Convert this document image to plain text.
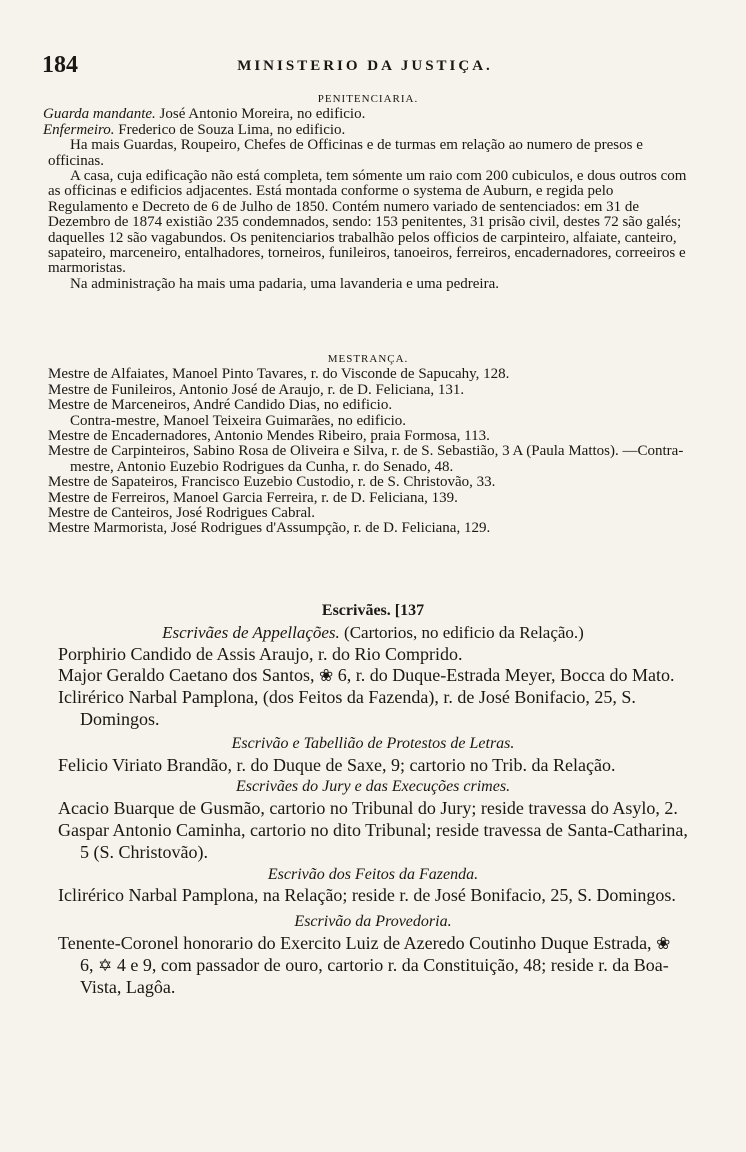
184	MINISTERIO DA JUSTIÇA.

PENITENCIARIA.

Guarda mandante. José Antonio Moreira, no edificio.

Enfermeiro. Frederico de Souza Lima, no edificio.

Ha mais Guardas, Roupeiro, Chefes de Officinas e de turmas em relação ao numero de presos e officinas.

A casa, cuja edificação não está completa, tem sómente um raio com 200 cubiculos, e dous outros com as officinas e edificios adjacentes. Está montada conforme o systema de Auburn, e regida pelo Regulamento e Decreto de 6 de Julho de 1850. Contém numero variado de sentenciados: em 31 de Dezembro de 1874 existião 235 condemnados, sendo: 153 penitentes, 31 prisão civil, destes 72 são galés; daquelles 12 são vagabundos. Os penitenciarios trabalhão pelos officios de carpinteiro, alfaiate, canteiro, sapateiro, marceneiro, entalhadores, torneiros, funileiros, tanoeiros, ferreiros, encadernadores, correeiros e marmoristas.

Na administração ha mais uma padaria, uma lavanderia e uma pedreira.

MESTRANÇA.

Mestre de Alfaiates, Manoel Pinto Tavares, r. do Visconde de Sapucahy, 128.

Mestre de Funileiros, Antonio José de Araujo, r. de D. Feliciana, 131.

Mestre de Marceneiros, André Candido Dias, no edificio.

Contra-mestre, Manoel Teixeira Guimarães, no edificio.

Mestre de Encadernadores, Antonio Mendes Ribeiro, praia Formosa, 113.

Mestre de Carpinteiros, Sabino Rosa de Oliveira e Silva, r. de S. Sebastião, 3 A (Paula Mattos). —Contra-mestre, Antonio Euzebio Rodrigues da Cunha, r. do Senado, 48.

Mestre de Sapateiros, Francisco Euzebio Custodio, r. de S. Christovão, 33.

Mestre de Ferreiros, Manoel Garcia Ferreira, r. de D. Feliciana, 139.

Mestre de Canteiros, José Rodrigues Cabral.

Mestre Marmorista, José Rodrigues d'Assumpção, r. de D. Feliciana, 129.

Escrivães. [137

Escrivães de Appellações. (Cartorios, no edificio da Relação.)

Porphirio Candido de Assis Araujo, r. do Rio Comprido.

Major Geraldo Caetano dos Santos, ❀ 6, r. do Duque-Estrada Meyer, Bocca do Mato.

Iclirérico Narbal Pamplona, (dos Feitos da Fazenda), r. de José Bonifacio, 25, S. Domingos.

Escrivão e Tabellião de Protestos de Letras.

Felicio Viriato Brandão, r. do Duque de Saxe, 9; cartorio no Trib. da Relação.

Escrivães do Jury e das Execuções crimes.

Acacio Buarque de Gusmão, cartorio no Tribunal do Jury; reside travessa do Asylo, 2.

Gaspar Antonio Caminha, cartorio no dito Tribunal; reside travessa de Santa-Catharina, 5 (S. Christovão).

Escrivão dos Feitos da Fazenda.

Iclirérico Narbal Pamplona, na Relação; reside r. de José Bonifacio, 25, S. Domingos.

Escrivão da Provedoria.

Tenente-Coronel honorario do Exercito Luiz de Azeredo Coutinho Duque Estrada, ❀ 6, ✡ 4 e 9, com passador de ouro, cartorio r. da Constituição, 48; reside r. da Boa-Vista, Lagôa.
